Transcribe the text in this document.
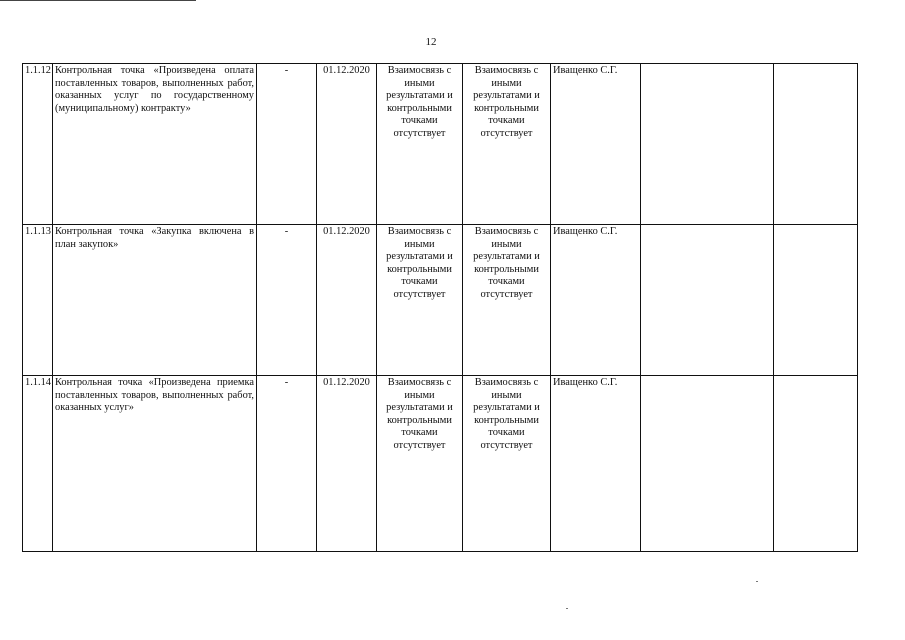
12
1.1.12	Контрольная точка «Произведена оплата поставленных товаров, выполненных работ, оказанных услуг по государственному (муниципальному) контракту»	-	01.12.2020	Взаимосвязь с иными результатами и контрольными точками отсутствует	Взаимосвязь с иными результатами и контрольными точками отсутствует	Иващенко С.Г.		
1.1.13	Контрольная точка «Закупка включена в план закупок»	-	01.12.2020	Взаимосвязь с иными результатами и контрольными точками отсутствует	Взаимосвязь с иными результатами и контрольными точками отсутствует	Иващенко С.Г.		
1.1.14	Контрольная точка «Произведена приемка поставленных товаров, выполненных работ, оказанных услуг»	-	01.12.2020	Взаимосвязь с иными результатами и контрольными точками отсутствует	Взаимосвязь с иными результатами и контрольными точками отсутствует	Иващенко С.Г.		
